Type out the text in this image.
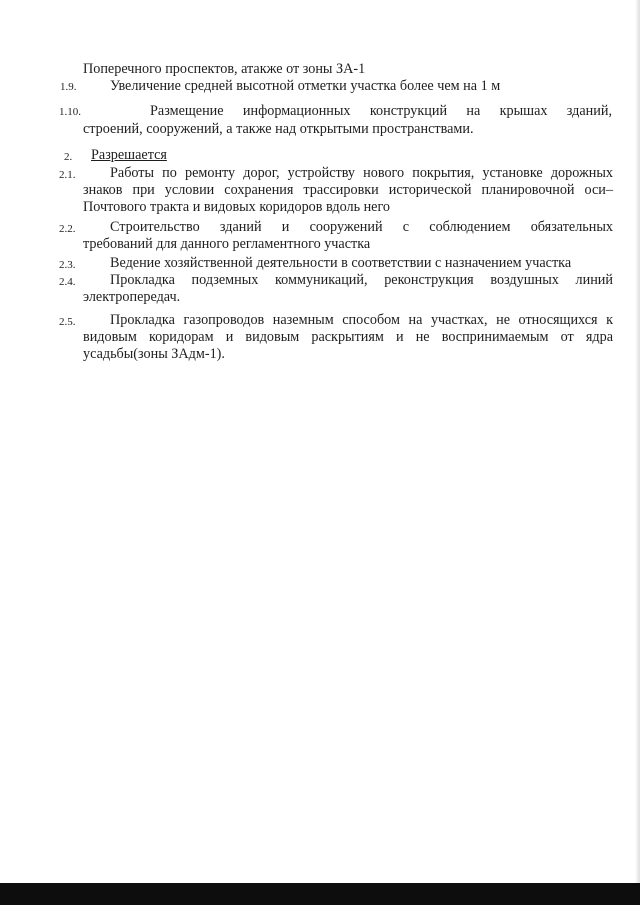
Поперечного проспектов, атакже от зоны ЗА-1
1.9. Увеличение средней высотной отметки участка более чем на 1 м
1.10.	Размещение информационных конструкций на крышах зданий,
строений, сооружений, а также над открытыми пространствами.
2. Разрешается
2.1. Работы по ремонту дорог, устройству нового покрытия, установке дорожных
знаков при условии сохранения трассировки исторической планировочной оси–
Почтового тракта и видовых коридоров вдоль него
2.2. Строительство зданий и сооружений с соблюдением обязательных
требований для данного регламентного участка
2.3. Ведение хозяйственной деятельности в соответствии с назначением участка
2.4. Прокладка подземных коммуникаций, реконструкция воздушных линий
электропередач.
2.5. Прокладка газопроводов наземным способом на участках, не относящихся к
видовым коридорам и видовым раскрытиям и не воспринимаемым от ядра
усадьбы(зоны ЗАдм-1).
